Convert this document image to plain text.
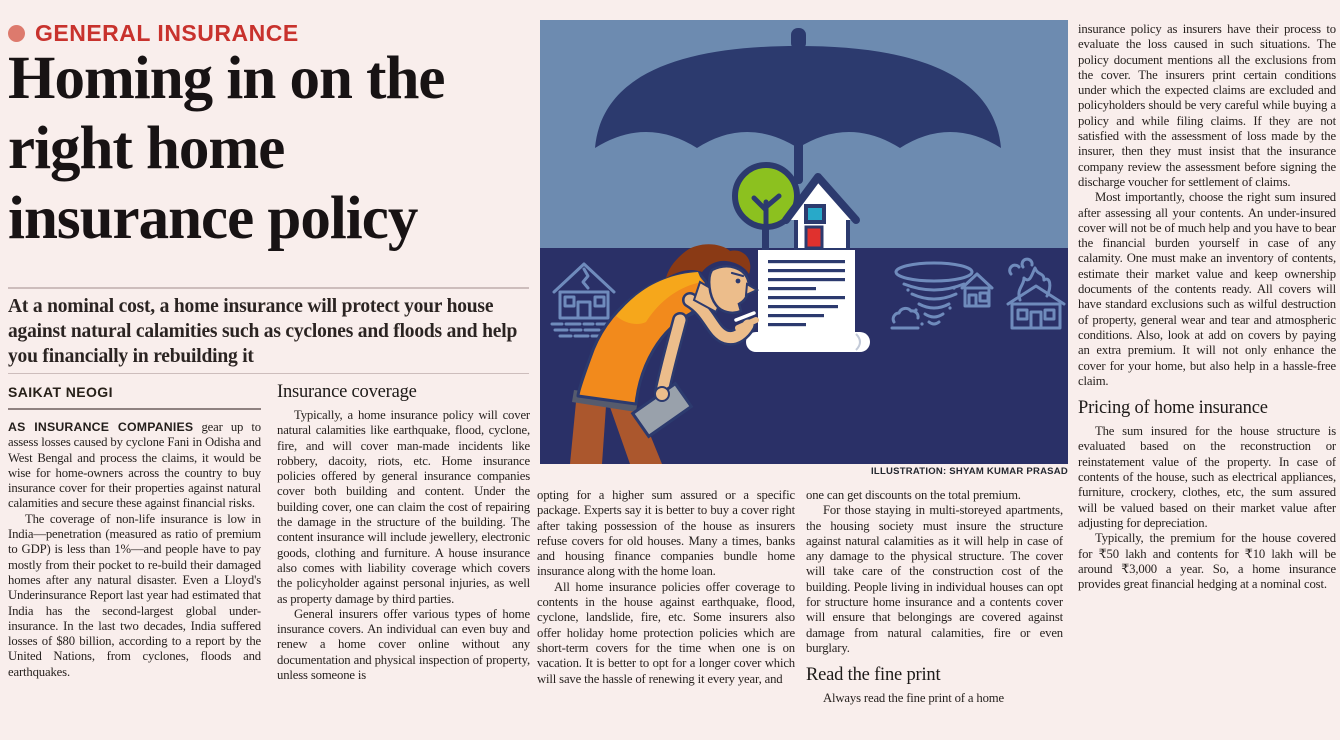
GENERAL INSURANCE
Homing in on the right home insurance policy
At a nominal cost, a home insurance will protect your house against natural calamities such as cyclones and floods and help you financially in rebuilding it
SAIKAT NEOGI

AS INSURANCE COMPANIES gear up to assess losses caused by cyclone Fani in Odisha and West Bengal and process the claims, it would be wise for home-owners across the country to buy insurance cover for their properties against natural calamities and secure these against financial risks.

The coverage of non-life insurance is low in India—penetration (measured as ratio of premium to GDP) is less than 1%—and people have to pay mostly from their pocket to re-build their damaged homes after any natural disaster. Even a Lloyd's Underinsurance Report last year had estimated that India has the second-largest global under-insurance. In the last two decades, India suffered losses of $80 billion, according to a report by the United Nations, from cyclones, floods and earthquakes.

Insurance coverage

Typically, a home insurance policy will cover natural calamities like earthquake, flood, cyclone, fire, and will cover man-made incidents like robbery, dacoity, riots, etc. Home insurance policies offered by general insurance companies cover both building and content. Under the building cover, one can claim the cost of repairing the damage in the structure of the building. The content insurance will include jewellery, electronic goods, clothing and furniture. A house insurance also comes with liability coverage which covers the policyholder against personal injuries, as well as property damage by third parties.

General insurers offer various types of home insurance covers. An individual can even buy and renew a home cover online without any documentation and physical inspection of property, unless someone is

ILLUSTRATION: SHYAM KUMAR PRASAD

opting for a higher sum assured or a specific package. Experts say it is better to buy a cover right after taking possession of the house as insurers refuse covers for old houses. Many a times, banks and housing finance companies bundle home insurance along with the home loan.

All home insurance policies offer coverage to contents in the house against earthquake, flood, cyclone, landslide, fire, etc. Some insurers also offer holiday home protection policies which are short-term covers for the time when one is on vacation. It is better to opt for a longer cover which will save the hassle of renewing it every year, and

one can get discounts on the total premium.

For those staying in multi-storeyed apartments, the housing society must insure the structure against natural calamities as it will help in case of any damage to the physical structure. The cover will take care of the construction cost of the building. People living in individual houses can opt for structure home insurance and a contents cover will ensure that belongings are covered against damage from natural calamities, fire or even burglary.

Read the fine print

Always read the fine print of a home

insurance policy as insurers have their process to evaluate the loss caused in such situations. The policy document mentions all the exclusions from the cover. The insurers print certain conditions under which the expected claims are excluded and policyholders should be very careful while buying a policy and while filing claims. If they are not satisfied with the assessment of loss made by the insurer, then they must insist that the insurance company review the assessment before signing the discharge voucher for settlement of claims.

Most importantly, choose the right sum insured after assessing all your contents. An under-insured cover will not be of much help and you have to bear the financial burden yourself in case of any calamity. One must make an inventory of contents, estimate their market value and keep ownership documents of the contents ready. All covers will have standard exclusions such as wilful destruction of property, general wear and tear and atmospheric conditions. Also, look at add on covers by paying an extra premium. It will not only enhance the cover for your home, but also help in a hassle-free claim.

Pricing of home insurance

The sum insured for the house structure is evaluated based on the reconstruction or reinstatement value of the property. In case of contents of the house, such as electrical appliances, furniture, crockery, clothes, etc, the sum assured will be valued based on their market value after adjusting for depreciation.

Typically, the premium for the house covered for ₹50 lakh and contents for ₹10 lakh will be around ₹3,000 a year. So, a home insurance provides great financial hedging at a nominal cost.
